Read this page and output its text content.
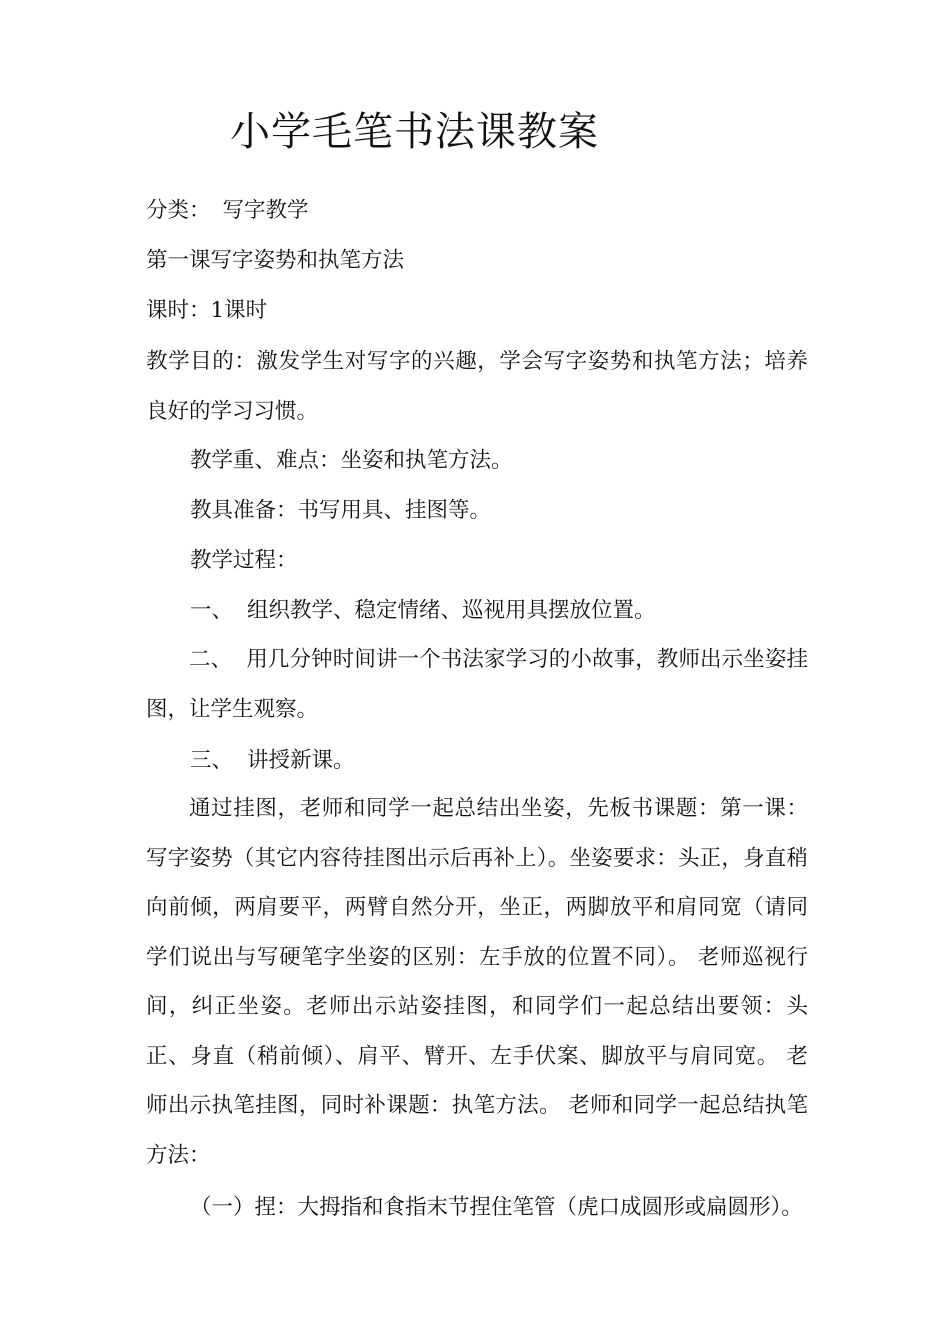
小学毛笔书法课教案
分类： 写字教学
第一课写字姿势和执笔方法
课时：1课时
教学目的：激发学生对写字的兴趣，学会写字姿势和执笔方法；培养良好的学习习惯。
教学重、难点：坐姿和执笔方法。
教具准备：书写用具、挂图等。
教学过程：
一、 组织教学、稳定情绪、巡视用具摆放位置。
二、 用几分钟时间讲一个书法家学习的小故事，教师出示坐姿挂图，让学生观察。
三、 讲授新课。
通过挂图，老师和同学一起总结出坐姿，先板书课题：第一课：写字姿势（其它内容待挂图出示后再补上）。坐姿要求：头正，身直稍向前倾，两肩要平，两臂自然分开，坐正，两脚放平和肩同宽（请同学们说出与写硬笔字坐姿的区别：左手放的位置不同）。 老师巡视行间，纠正坐姿。老师出示站姿挂图，和同学们一起总结出要领：头正、身直（稍前倾）、肩平、臂开、左手伏案、脚放平与肩同宽。 老师出示执笔挂图，同时补课题：执笔方法。 老师和同学一起总结执笔方法：
（一）捏：大拇指和食指末节捏住笔管（虎口成圆形或扁圆形）。
